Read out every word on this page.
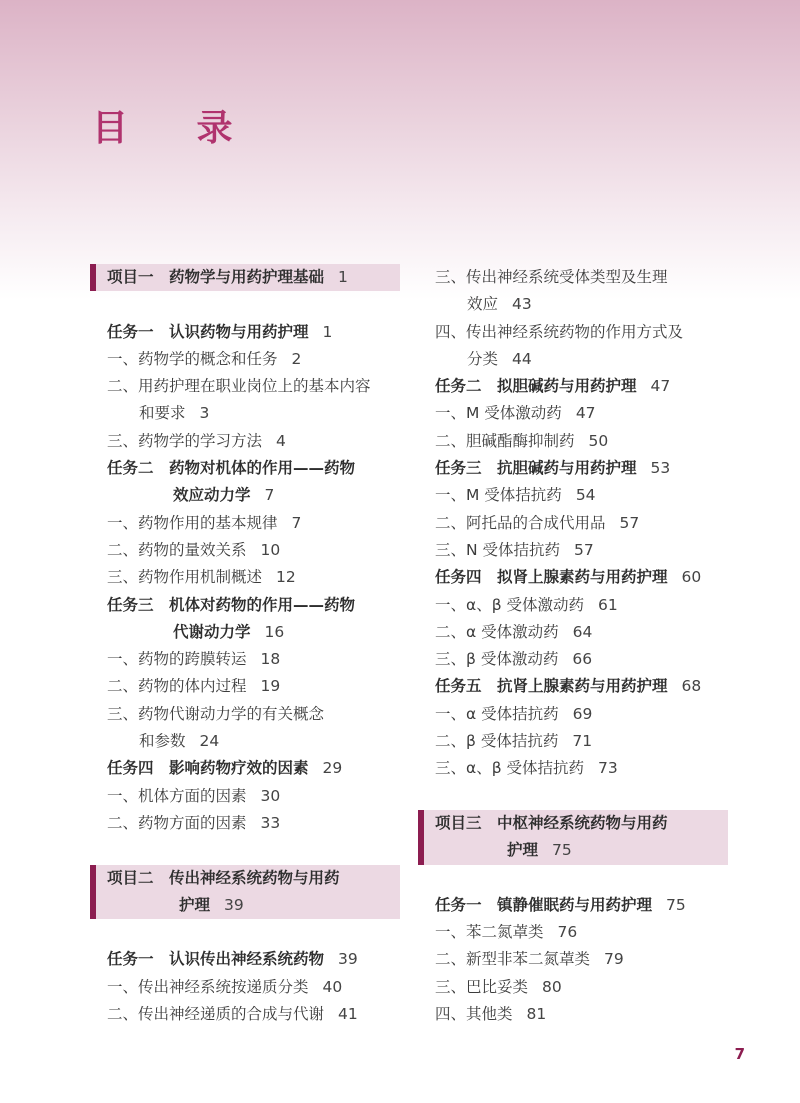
目 录
项目一　药物学与用药护理基础 1
任务一　认识药物与用药护理 1
一、药物学的概念和任务 2
二、用药护理在职业岗位上的基本内容
和要求 3
三、药物学的学习方法 4
任务二　药物对机体的作用——药物
效应动力学 7
一、药物作用的基本规律 7
二、药物的量效关系 10
三、药物作用机制概述 12
任务三　机体对药物的作用——药物
代谢动力学 16
一、药物的跨膜转运 18
二、药物的体内过程 19
三、药物代谢动力学的有关概念
和参数 24
任务四　影响药物疗效的因素 29
一、机体方面的因素 30
二、药物方面的因素 33
项目二　传出神经系统药物与用药
护理 39
任务一　认识传出神经系统药物 39
一、传出神经系统按递质分类 40
二、传出神经递质的合成与代谢 41
三、传出神经系统受体类型及生理
效应 43
四、传出神经系统药物的作用方式及
分类 44
任务二　拟胆碱药与用药护理 47
一、M 受体激动药 47
二、胆碱酯酶抑制药 50
任务三　抗胆碱药与用药护理 53
一、M 受体拮抗药 54
二、阿托品的合成代用品 57
三、N 受体拮抗药 57
任务四　拟肾上腺素药与用药护理 60
一、α、β 受体激动药 61
二、α 受体激动药 64
三、β 受体激动药 66
任务五　抗肾上腺素药与用药护理 68
一、α 受体拮抗药 69
二、β 受体拮抗药 71
三、α、β 受体拮抗药 73
项目三　中枢神经系统药物与用药
护理 75
任务一　镇静催眠药与用药护理 75
一、苯二氮䓬类 76
二、新型非苯二氮䓬类 79
三、巴比妥类 80
四、其他类 81
7
